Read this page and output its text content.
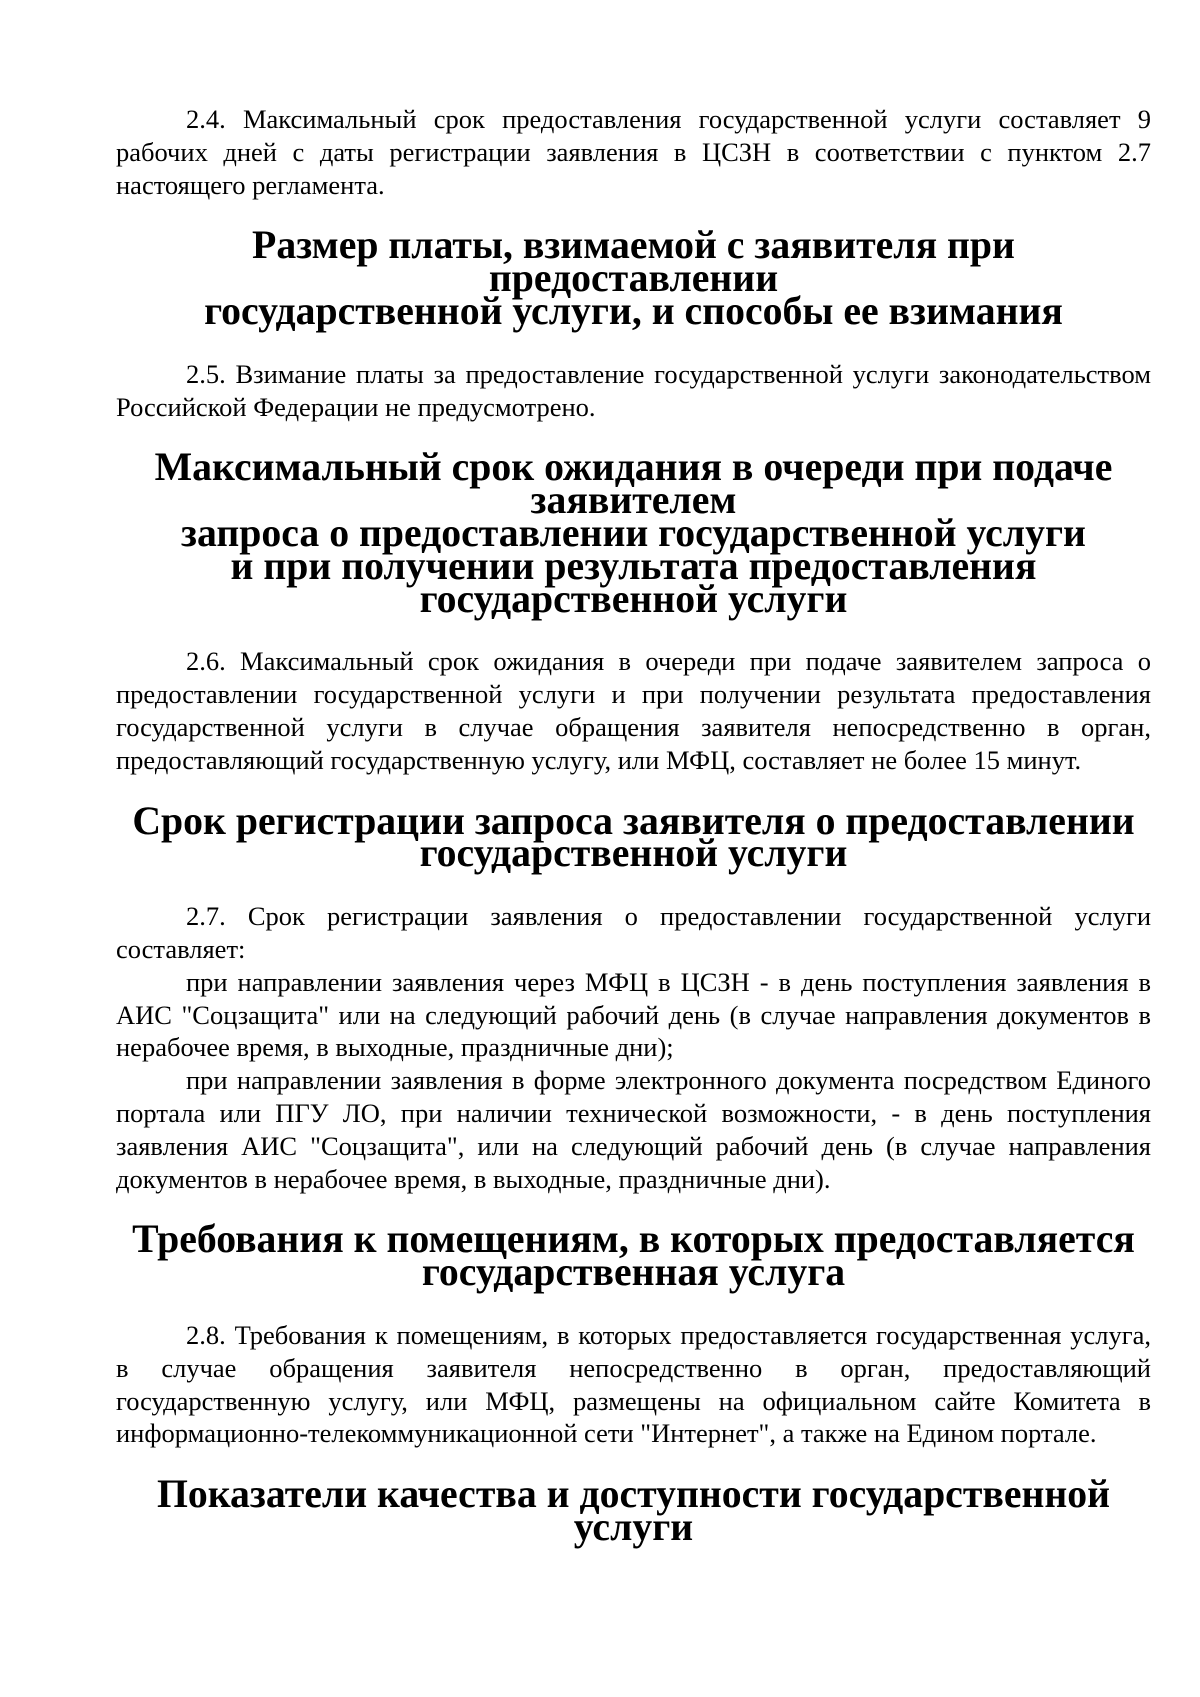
2.4. Максимальный срок предоставления государственной услуги составляет 9 рабочих дней с даты регистрации заявления в ЦСЗН в соответствии с пунктом 2.7 настоящего регламента.

Размер платы, взимаемой с заявителя при предоставлении
государственной услуги, и способы ее взимания

2.5. Взимание платы за предоставление государственной услуги законодательством Российской Федерации не предусмотрено.

Максимальный срок ожидания в очереди при подаче заявителем
запроса о предоставлении государственной услуги
и при получении результата предоставления
государственной услуги

2.6. Максимальный срок ожидания в очереди при подаче заявителем запроса о предоставлении государственной услуги и при получении результата предоставления государственной услуги в случае обращения заявителя непосредственно в орган, предоставляющий государственную услугу, или МФЦ, составляет не более 15 минут.

Срок регистрации запроса заявителя о предоставлении
государственной услуги

2.7. Срок регистрации заявления о предоставлении государственной услуги составляет:

при направлении заявления через МФЦ в ЦСЗН - в день поступления заявления в АИС "Соцзащита" или на следующий рабочий день (в случае направления документов в нерабочее время, в выходные, праздничные дни);

при направлении заявления в форме электронного документа посредством Единого портала или ПГУ ЛО, при наличии технической возможности, - в день поступления заявления АИС "Соцзащита", или на следующий рабочий день (в случае направления документов в нерабочее время, в выходные, праздничные дни).

Требования к помещениям, в которых предоставляется
государственная услуга

2.8. Требования к помещениям, в которых предоставляется государственная услуга, в случае обращения заявителя непосредственно в орган, предоставляющий государственную услугу, или МФЦ, размещены на официальном сайте Комитета в информационно-телекоммуникационной сети "Интернет", а также на Едином портале.

Показатели качества и доступности государственной услуги
